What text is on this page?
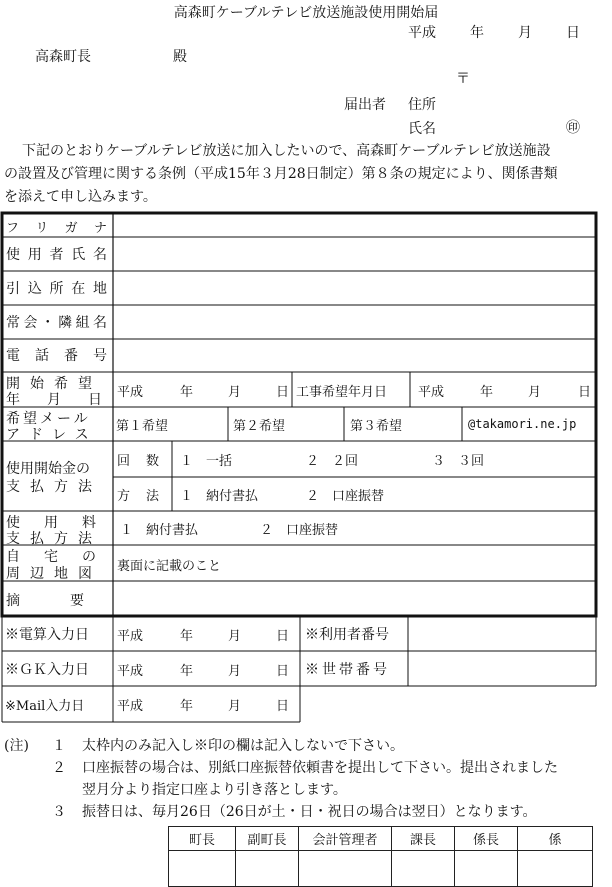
高森町ケーブルテレビ放送施設使用開始届
平成 年 月 日
高森町長	殿
〒
届出者 住所
氏名	㊞
下記のとおりケーブルテレビ放送に加入したいので、高森町ケーブルテレビ放送施設
の設置及び管理に関する条例（平成15年３月28日制定）第８条の規定により、関係書類
を添えて申し込みます。
フ リ ガ ナ
使 用 者 氏 名
引 込 所 在 地
常 会 ・ 隣 組 名
電 話 番 号
開始希望
年月日
平成	年	月	日 工事希望年月日 平成	年	月	日
希望メール
アドレス
第１希望	第２希望	第３希望	@takamori.ne.jp
使用開始金の
支払方法
回数 １　一括	２　２回	３　３回
方法 １　納付書払	２　口座振替
使用料
支払方法
１　納付書払	２　口座振替
自宅の
周辺地図 裏面に記載のこと
摘要
※電算入力日 平成	年	月	日 ※利用者番号
※ＧＫ入力日 平成	年	月	日 ※世帯番号
※Mail入力日	平成	年	月	日
(注) １ 太枠内のみ記入し※印の欄は記入しないで下さい。
２ 口座振替の場合は、別紙口座振替依頼書を提出して下さい。提出されました
翌月分より指定口座より引き落とします。
３ 振替日は、毎月26日（26日が土・日・祝日の場合は翌日）となります。
町長	副町長	会計管理者	課長	係長	係
